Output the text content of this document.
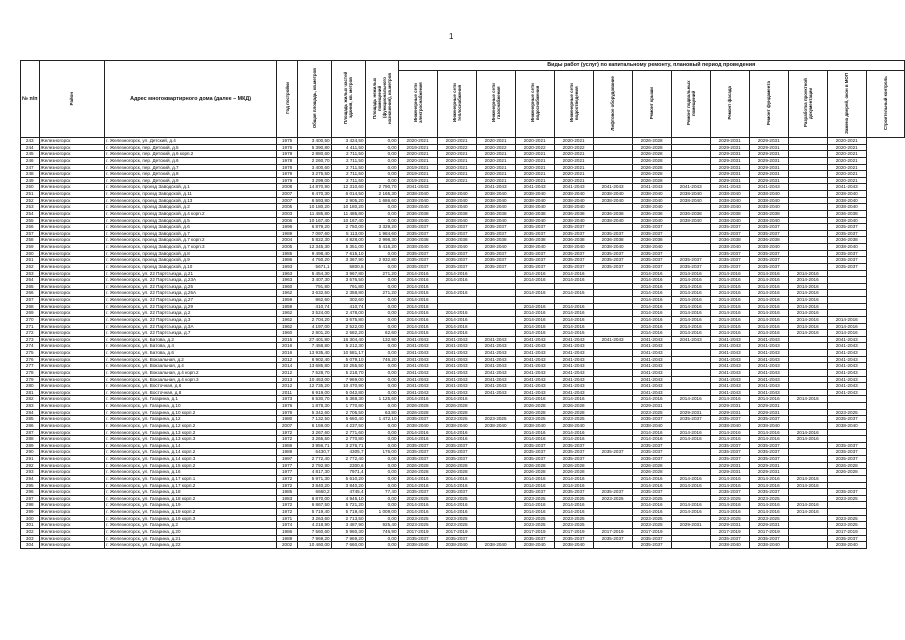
1
№ п/п	Район	Адрес многоквартирного дома (далее – МКД)	Год постройки	Общая площадь, кв.метров	Площадь жилых частей здания, кв. метров	Площадь нежилых помещений (функционального назначения), кв.метров	Виды работ (услуг) по капитальному ремонту, плановый период проведения												
							Инженерные сети электроснабжения	Инженерные сети теплоснабжения	Инженерные сети газоснабжения	Инженерные сети водоснабжения	Инженерные сети водоотведения	Лифтовое оборудование	Ремонт крыши	Ремонт подвальных помещений	Ремонт фасада	Ремонт фундамента	Разработка проектной документации	Замена дверей, окон в МОП	Строительный контроль
243	Железногорск	г. Железногорск, ул. Детский, д.4	1975	3 400,50	3 424,50	0,00	2020-2021	2020-2021	2020-2021	2020-2021	2020-2021		2026-2028		2029-2031	2029-2031		2020-2021	
244	Железногорск	г. Железногорск, пер. Детский, д.5	1976	5 390,80	4 411,50	0,00	2019-2021	2020-2022	2020-2022	2020-2022	2020-2022		2026-2028		2029-2031	2029-2031		2020-2021	
245	Железногорск	г. Железногорск, пер. Детский, д.6 корп.2	1978	2 880,60	2 711,50	0,00	2020-2021	2020-2021	2020-2021	2020-2021	2020-2021		2026-2028		2029-2031	2029-2031		2020-2021	
246	Железногорск	г. Железногорск, пер. Детский, д.6	1978	2 260,70	2 711,50	0,00	2020-2021	2020-2021	2020-2021	2020-2021	2020-2021		2026-2028		2029-2031	2029-2031		2020-2021	
247	Железногорск	г. Железногорск, пер. Детский, д.7	1978	3 400,60	2 711,50	0,00	2019-2021	2020-2021	2020-2021	2020-2021	2020-2021		2026-2028		2029-2031	2029-2031		2020-2021	
248	Железногорск	г. Железногорск, пер. Детский, д.8	1979	3 275,50	2 711,50	0,00	2019-2021	2020-2021	2020-2021	2020-2021	2020-2021		2026-2028		2029-2031	2029-2031		2020-2021	
249	Железногорск	г. Железногорск, пер. Детский, д.9	1979	3 299,00	2 711,50	0,00	2019-2021	2020-2021	2020-2021	2020-2021	2020-2021		2026-2028		2029-2031	2029-2031		2020-2021	
250	Железногорск	г. Железногорск, проезд Заводской, д.1	2008	14 870,90	12 310,60	2 790,70	2041-2043		2041-2043	2041-2043	2041-2043	2041-2043	2041-2043	2041-2043	2041-2043	2041-2043		2041-2043	
251	Железногорск	г. Железногорск, проезд Заводской, д.11	2007	6 470,30	6 014,50	2 165,30	2038-2040	2038-2040	2038-2040	2038-2040	2038-2040	2038-2040	2038-2040	2038-2040	2038-2040	2038-2040		2038-2040	
252	Железногорск	г. Железногорск, проезд Заводской, д.13	2007	6 593,80	2 905,20	1 686,60	2038-2040	2038-2040	2038-2040	2038-2040	2038-2040	2038-2040	2038-2040	2038-2040	2038-2040	2038-2040		2038-2040	
253	Железногорск	г. Железногорск, проезд Заводской, д.2	2005	10 180,20	10 180,20	0,00	2038-2040	2038-2040	2038-2040	2038-2040	2038-2040		2038-2040		2038-2040	2038-2040		2038-2040	
254	Железногорск	г. Железногорск, проезд Заводской, д.4 корп.2	2003	11 485,80	11 485,80	0,00	2036-2038	2036-2038	2036-2038	2036-2038	2036-2038	2036-2038	2036-2038	2036-2038	2036-2038	2036-2038		2036-2038	
255	Железногорск	г. Железногорск, проезд Заводской, д.5	2006	10 167,40	10 167,40	0,00	2038-2040	2038-2040	2038-2040	2038-2040	2038-2040	2038-2040	2038-2040	2038-2040	2038-2040	2038-2040		2038-2040	
256	Железногорск	г. Железногорск, проезд Заводской, д.6	1996	6 879,20	2 750,00	3 329,20	2035-2037	2035-2037	2035-2037	2035-2037	2035-2037		2035-2037		2035-2037	2035-2037		2035-2037	
257	Железногорск	г. Железногорск, проезд Заводской, д.7	1989	7 097,60	5 113,00	1 984,60	2035-2037	2035-2037	2035-2037	2035-2037	2035-2037	2035-2037	2035-2037		2035-2037	2035-2037		2035-2037	
258	Железногорск	г. Железногорск, проезд Заводской, д.7 корп.2	2004	5 822,30	4 828,00	2 998,30	2036-2038	2036-2038	2036-2038	2036-2038	2036-2038	2036-2038	2036-2038		2036-2038	2036-2038		2036-2038	
259	Железногорск	г. Железногорск, проезд Заводской, д.7 корп.3	2005	12 345,30	5 351,00	5 416,20	2038-2040	2038-2040	2038-2040	2038-2040	2038-2040	2038-2040	2038-2040		2038-2040	2038-2040		2038-2040	
260	Железногорск	г. Железногорск, проезд Заводской, д.8	1985	9 498,40	7 615,10	0,00	2035-2037	2035-2037	2035-2037	2035-2037	2035-2037	2035-2037	2035-2037		2035-2037	2035-2037		2035-2037	
261	Железногорск	г. Железногорск, проезд Заводской, д.9	1986	4 750,20	3 367,90	2 932,80	2035-2037	2035-2037	2035-2037	2035-2037	2035-2037	2035-2037	2035-2037	2035-2037	2035-2037	2035-2037		2035-2037	
262	Железногорск	г. Железногорск, проезд Заводской, д.10	1993	5671,1	5800,5	0,00	2035-2037	2035-2037	2035-2037	2035-2037	2035-2037	2035-2037	2035-2037	2035-2037	2035-2037	2035-2037		2035-2037	
263	Железногорск	г. Железногорск, ул. 22 Партсъезда, д.21	1963	5 454,30	3 967,80	271,20	2014-2016	2014-2016		2014-2016	2014-2016		2014-2016	2014-2016	2014-2016	2014-2016	2014-2016		
264	Железногорск	г. Железногорск, ул. 22 Партсъезда, д.23А	1963	3 407,30	3 576,50	0,00	2014-2016	2014-2016		2014-2016	2014-2016		2014-2016	2014-2016	2014-2016	2014-2016	2014-2016		
265	Железногорск	г. Железногорск, ул. 22 Партсъезда, д.25	1960	791,80	791,80	0,00	2014-2016						2014-2016	2014-2016	2014-2016	2014-2016	2014-2016		
266	Железногорск	г. Железногорск, ул. 22 Партсъезда, д.25А	1962	3 632,50	2 358,80	271,20	2014-2016	2014-2016		2014-2016	2014-2016		2014-2016	2014-2016	2014-2016	2014-2016	2014-2016		
267	Железногорск	г. Железногорск, ул. 22 Партсъезда, д.27	1959	862,60	302,60	0,00	2014-2016						2014-2016	2014-2016	2014-2016	2014-2016	2014-2016		
268	Железногорск	г. Железногорск, ул. 22 Партсъезда, д.29	1959	410,74	410,74	0,00	2014-2016			2014-2016	2014-2016		2014-2016	2014-2016	2014-2016	2014-2016	2014-2016		
269	Железногорск	г. Железногорск, ул. 22 Партсъезда, д.2	1962	3 524,00	2 478,00	0,00	2014-2016	2014-2016		2014-2016	2014-2016		2014-2016	2014-2016	2014-2016	2014-2016	2014-2016		
270	Железногорск	г. Железногорск, ул. 22 Партсъезда, д.3	1962	2 704,20	3 675,80	0,00	2014-2016	2014-2016		2014-2016	2014-2016		2014-2016	2014-2016	2014-2016	2014-2016	2014-2016	2014-2016	
271	Железногорск	г. Железногорск, ул. 22 Партсъезда, д.3А	1962	4 197,00	2 522,00	0,00	2014-2016	2014-2016		2014-2016	2014-2016		2014-2016	2014-2016	2014-2016	2014-2016	2014-2016	2014-2016	
272	Железногорск	г. Железногорск, ул. 22 Партсъезда, д.7	1960	2 801,20	2 582,20	62,60	2014-2016	2014-2016		2014-2016	2014-2016		2014-2016	2014-2016	2014-2016	2014-2016	2014-2016	2014-2016	
273	Железногорск	г. Железногорск, ул. Батова, д.2	2015	27 401,80	16 304,40	132,90	2041-2043	2041-2043	2041-2043	2041-2043	2041-2043	2041-2043	2041-2043	2041-2043	2041-2043	2041-2043		2041-2043	
274	Железногорск	г. Железногорск, ул. Батова, д.4	2016	7 458,80	5 212,30	0,00	2041-2043	2041-2043	2041-2043	2041-2043	2041-2043		2041-2043		2041-2043	2041-2043		2041-2043	
275	Железногорск	г. Железногорск, ул. Батова, д.6	2016	13 935,40	10 581,17	0,00	2041-2043	2041-2043	2041-2043	2041-2043	2041-2043		2041-2043		2041-2043	2041-2043		2041-2043	
276	Железногорск	г. Железногорск, ул. Вокзальная, д.2	2012	6 902,40	5 079,10	746,20	2041-2043	2041-2043	2041-2043	2041-2043	2041-2043		2041-2043		2041-2043	2041-2043		2041-2043	
277	Железногорск	г. Железногорск, ул. Вокзальная, д.4	2014	13 685,80	10 255,50	0,00	2041-2043	2041-2043	2041-2043	2041-2043	2041-2043		2041-2043		2041-2043	2041-2043		2041-2043	
278	Железногорск	г. Железногорск, ул. Вокзальная, д.4 корп.2	2012	7 528,70	5 218,70	0,00	2041-2043	2041-2043	2041-2043	2041-2043	2041-2043		2041-2043		2041-2043	2041-2043		2041-2043	
279	Железногорск	г. Железногорск, ул. Вокзальная, д.4 корп.3	2013	10 453,00	7 969,00	0,00	2041-2043	2041-2043	2041-2043	2041-2043	2041-2043		2041-2043		2041-2043	2041-2043		2041-2043	
280	Железногорск	г. Железногорск, ул. Восточная, д.6	2012	12 735,20	10 470,90	0,00	2041-2043	2041-2043	2041-2043	2041-2043	2041-2043		2041-2043		2041-2043	2041-2043		2041-2043	
281	Железногорск	г. Железногорск, ул. Восточная, д.8	2011	6 919,00	5 042,80	0,00	2041-2043	2041-2043	2041-2043	2041-2043	2041-2043		2041-2043		2041-2043	2041-2043		2041-2043	
282	Железногорск	г. Железногорск, ул. Гагарина, д.1	1973	6 530,70	5 368,30	1 125,60	2014-2016	2014-2016		2014-2016	2014-2016		2014-2016	2014-2016	2014-2016	2014-2016	2014-2016		
283	Железногорск	г. Железногорск, ул. Гагарина, д.10	1976	1 878,30	1 770,80	0,00	2026-2028	2026-2028		2026-2028	2026-2028		2029-2031		2029-2031	2029-2031			
284	Железногорск	г. Железногорск, ул. Гагарина, д.10 корп.2	1976	5 342,60	2 705,50	63,80	2026-2028	2026-2028		2026-2028	2026-2028		2023-2025	2029-2031	2029-2031	2029-2031		2023-2025	
285	Железногорск	г. Железногорск, ул. Гагарина, д.12	1980	7 132,50	5 660,40	1 472,10	2035-2037	2023-2025	2023-2025	2023-2025	2023-2025		2035-2037	2035-2037	2035-2037	2035-2037		2035-2037	
286	Железногорск	г. Железногорск, ул. Гагарина, д.12 корп.2	2007	6 159,00	4 237,50	0,00	2038-2040	2038-2040	2038-2040	2038-2040	2038-2040		2038-2040		2038-2040	2038-2040		2038-2040	
287	Железногорск	г. Железногорск, ул. Гагарина, д.13 корп.2	1972	3 267,60	2 771,60	0,00	2014-2016	2014-2016		2014-2016	2014-2016		2014-2016	2014-2016	2014-2016	2014-2016	2014-2016		
288	Железногорск	г. Железногорск, ул. Гагарина, д.13 корп.3	1972	3 265,50	2 770,80	0,00	2014-2016	2014-2016		2014-2016	2014-2016		2014-2016	2014-2016	2014-2016	2014-2016	2014-2016		
289	Железногорск	г. Железногорск, ул. Гагарина, д.14	1986	3 956,71	3 276,71	0,00	2035-2037	2035-2037		2035-2037	2035-2037		2035-2037		2035-2037	2035-2037		2035-2037	
290	Железногорск	г. Железногорск, ул. Гагарина, д.14 корп.2	1989	6430,7	4305,7	176,00	2035-2037	2035-2037		2035-2037	2035-2037	2035-2037	2035-2037		2035-2037	2035-2037		2035-2037	
291	Железногорск	г. Железногорск, ул. Гагарина, д.14 корп.3	1997	2 772,40	2 772,40	0,00	2035-2037	2035-2037		2035-2037	2035-2037		2035-2037		2035-2037	2035-2037		2035-2037	
292	Железногорск	г. Железногорск, ул. Гагарина, д.15 корп.2	1977	2 792,80	2300,6	0,00	2026-2028	2026-2028		2026-2028	2026-2028		2026-2028		2029-2031	2029-2031		2026-2028	
293	Железногорск	г. Железногорск, ул. Гагарина, д.16	1977	4 817,30	7971,4	0,00	2026-2028	2026-2028		2026-2028	2026-2028		2026-2028		2029-2031	2029-2031		2026-2028	
294	Железногорск	г. Железногорск, ул. Гагарина, д.17 корп.1	1972	5 971,30	5 610,20	0,00	2014-2016	2014-2016		2014-2016	2014-2016		2014-2016	2014-2016	2014-2016	2014-2016	2014-2016		
295	Железногорск	г. Железногорск, ул. Гагарина, д.17 корп.2	1972	3 840,20	3 840,20	0,00	2014-2016	2014-2016		2014-2016	2014-2016		2014-2016	2014-2016	2014-2016	2014-2016	2014-2016		
296	Железногорск	г. Железногорск, ул. Гагарина, д.18	1985	6660,2	4745,4	77,40	2035-2037	2035-2037		2035-2037	2035-2037	2035-2037	2035-2037		2035-2037	2035-2037		2035-2037	
297	Железногорск	г. Железногорск, ул. Гагарина, д.18 корп.2	1983	6 870,00	4 945,10	0,00	2023-2025	2023-2025		2023-2025	2023-2025	2023-2025	2023-2025		2023-2025	2023-2025		2023-2025	
298	Железногорск	г. Железногорск, ул. Гагарина, д.19	1972	6 867,50	5 721,20	0,00	2014-2016	2014-2016		2014-2016	2014-2016		2014-2016	2014-2016	2014-2016	2014-2016	2014-2016		
299	Железногорск	г. Железногорск, ул. Гагарина, д.19 корп.2	1972	5 719,40	5 719,40	1 009,00	2014-2016	2014-2016		2014-2016	2014-2016		2014-2016	2014-2016	2014-2016	2014-2016	2014-2016		
300	Железногорск	г. Железногорск, ул. Гагарина, д.19 корп.3	1971	3 263,60	2 713,50	0,00	2023-2025	2023-2025		2023-2025	2023-2025		2023-2025		2023-2025	2023-2025		2023-2025	
301	Железногорск	г. Железногорск, ул. Гагарина, д.2	1974	4 218,90	3 487,90	925,40	2023-2025	2023-2025		2023-2025	2023-2025		2023-2025	2029-2031	2029-2031	2029-2031		2023-2025	
302	Железногорск	г. Железногорск, ул. Гагарина, д.20	1986	7 560,60	5 960,30	746,90	2017-2019	2017-2019		2017-2019	2017-2019	2017-2019	2017-2019		2017-2019	2017-2019		2017-2019	
303	Железногорск	г. Железногорск, ул. Гагарина, д.21	1989	7 969,20	7 969,20	0,00	2035-2037	2035-2037		2035-2037	2035-2037	2035-2037	2035-2037		2035-2037	2035-2037		2035-2037	
304	Железногорск	г. Железногорск, ул. Гагарина, д.22	2002	10 460,00	7 660,00	0,00	2038-2040	2038-2040	2038-2040	2038-2040	2038-2040		2035-2037		2038-2040	2038-2040		2038-2040	
